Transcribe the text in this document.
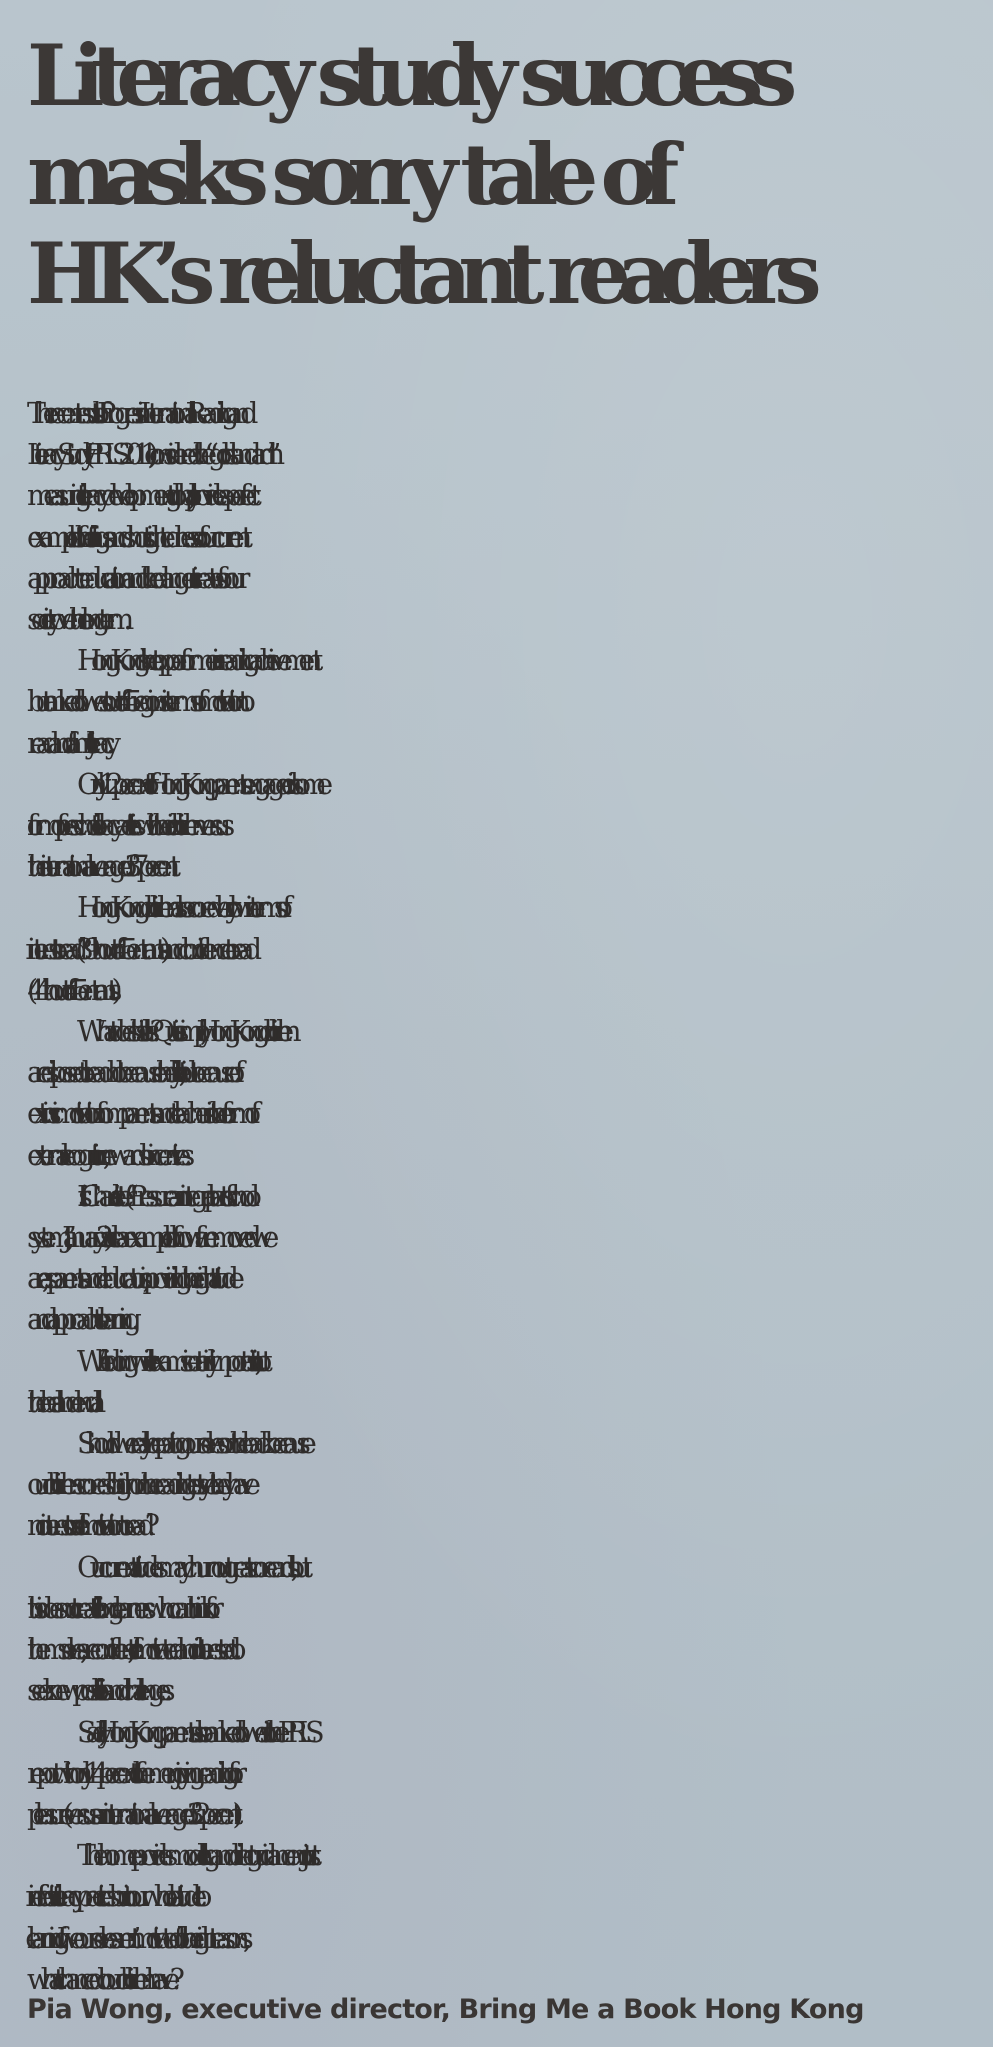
Literacy study success
masks sorry tale of
HK’s reluctant readers
The recent results of Progress in International Reading and
Literacy Study (PIRLS 2011), considered the “gold standard” in
measuring literacy development globally, provides a perfect
example of the failings and short-sightedness of our current
approach to education and the dangers it creates for our
society over the long term.
Hong Kong is the top performer in reading achievement
but ranked lowest out of 45 regions in terms of motivation to
read and family literacy.
Only 12 per cent of Hong Kong parents engaged in some
form of pre-school literacy activities with their children versus
the international average of 37 per cent.
Hong Kong children also scored very low in terms of
interest to read (39th out of 45 entrants) and confidence to read
(44th out of 45 entrants).
What does this tell us? Quite simply, Hong Kong children
are disposed to read not because they like it, but because of
extrinsic motivation from parents and teachers in the form of
external recognition, rewards or incentives.
Iris Chan’s letter (“Pressure an integral part of school
system”, January 2) is a clear example of how far removed we
are, as parents and educators, in providing the right attitude
and approach to learning.
While doing well in exams is certainly important, it is not
the be all and end all.
Should we really be patting ourselves on the back because
our children scored so high on the reading tests yet they have
no interest or self-motivation to read?
Our current attitudes may churn out great score cards, but
this does not create lifelong learners who can think for
themselves, are confident, self-motivated and interested to
seek new possibilities and challenges.
Sadly, Hong Kong parents also ranked lowest in the PIRLS
report with only 14 per cent of them enjoying reading for
pleasure (versus an international average of 32 per cent).
The home provides modelling and direct guidance not just
in effective literacy practices but in our whole attitude to
learning. If we ourselves aren’t motivated for the right reasons,
what chance do our children have?
Pia Wong, executive director, Bring Me a Book Hong Kong
